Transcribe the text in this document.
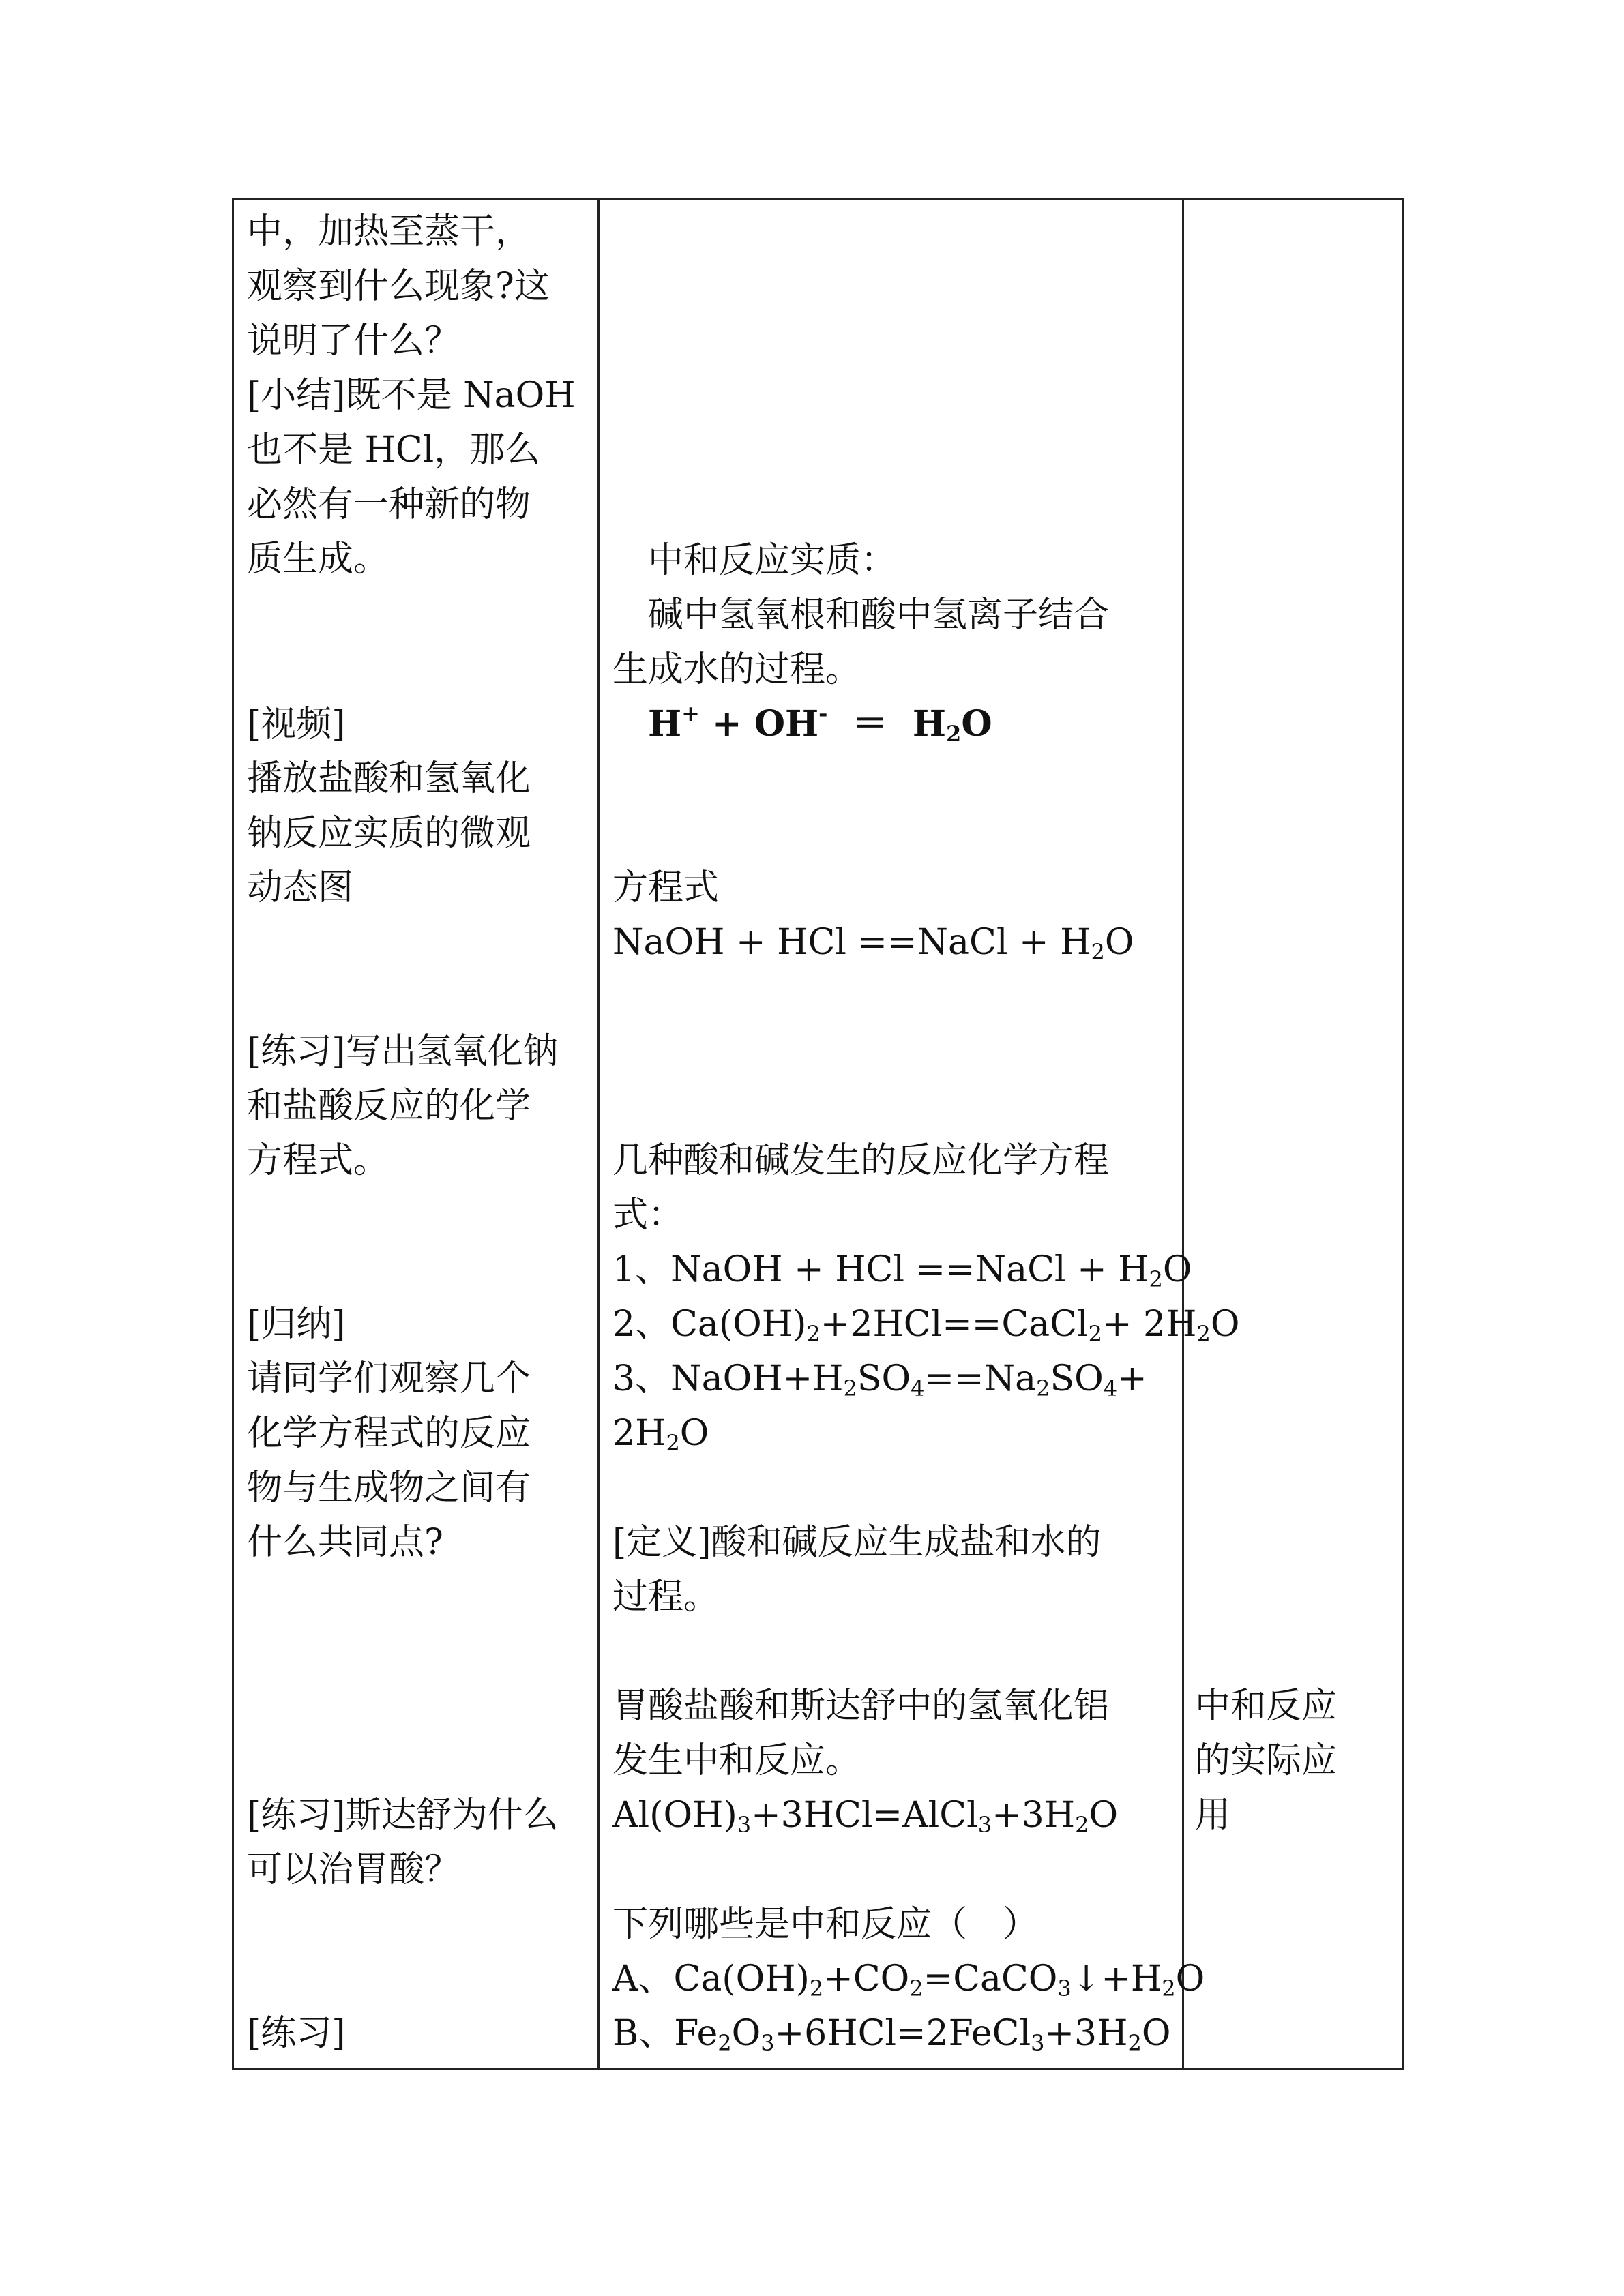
中，加热至蒸干，
观察到什么现象?这
说明了什么？
[小结]既不是 NaOH
也不是 HCl，那么
必然有一种新的物
质生成。
[视频]
播放盐酸和氢氧化
钠反应实质的微观
动态图
[练习]写出氢氧化钠
和盐酸反应的化学
方程式。
[归纳]
请同学们观察几个
化学方程式的反应
物与生成物之间有
什么共同点?
[练习]斯达舒为什么
可以治胃酸？
[练习]
中和反应实质：
碱中氢氧根和酸中氢离子结合
生成水的过程。
$H^+ + OH^- = H_2O$
方程式
NaOH + HCl ==NaCl + $H_2O$
几种酸和碱发生的反应化学方程
式：
1、NaOH + HCl ==NaCl + $H_2O$
2、$Ca(OH)_2+2HCl==CaCl_2+ 2H_2O$
3、$NaOH+H_2SO_4==Na_2SO_4+$
$2H_2O$
[定义]酸和碱反应生成盐和水的
过程。
胃酸盐酸和斯达舒中的氢氧化铝
发生中和反应。
$Al(OH)_3+3HCl=AlCl_3+3H_2O$
下列哪些是中和反应（　）
A、$Ca(OH)_2+CO_2=CaCO_3↓+H_2O$
B、$Fe_2O_3+6HCl=2FeCl_3+3H_2O$
中和反应
的实际应
用
